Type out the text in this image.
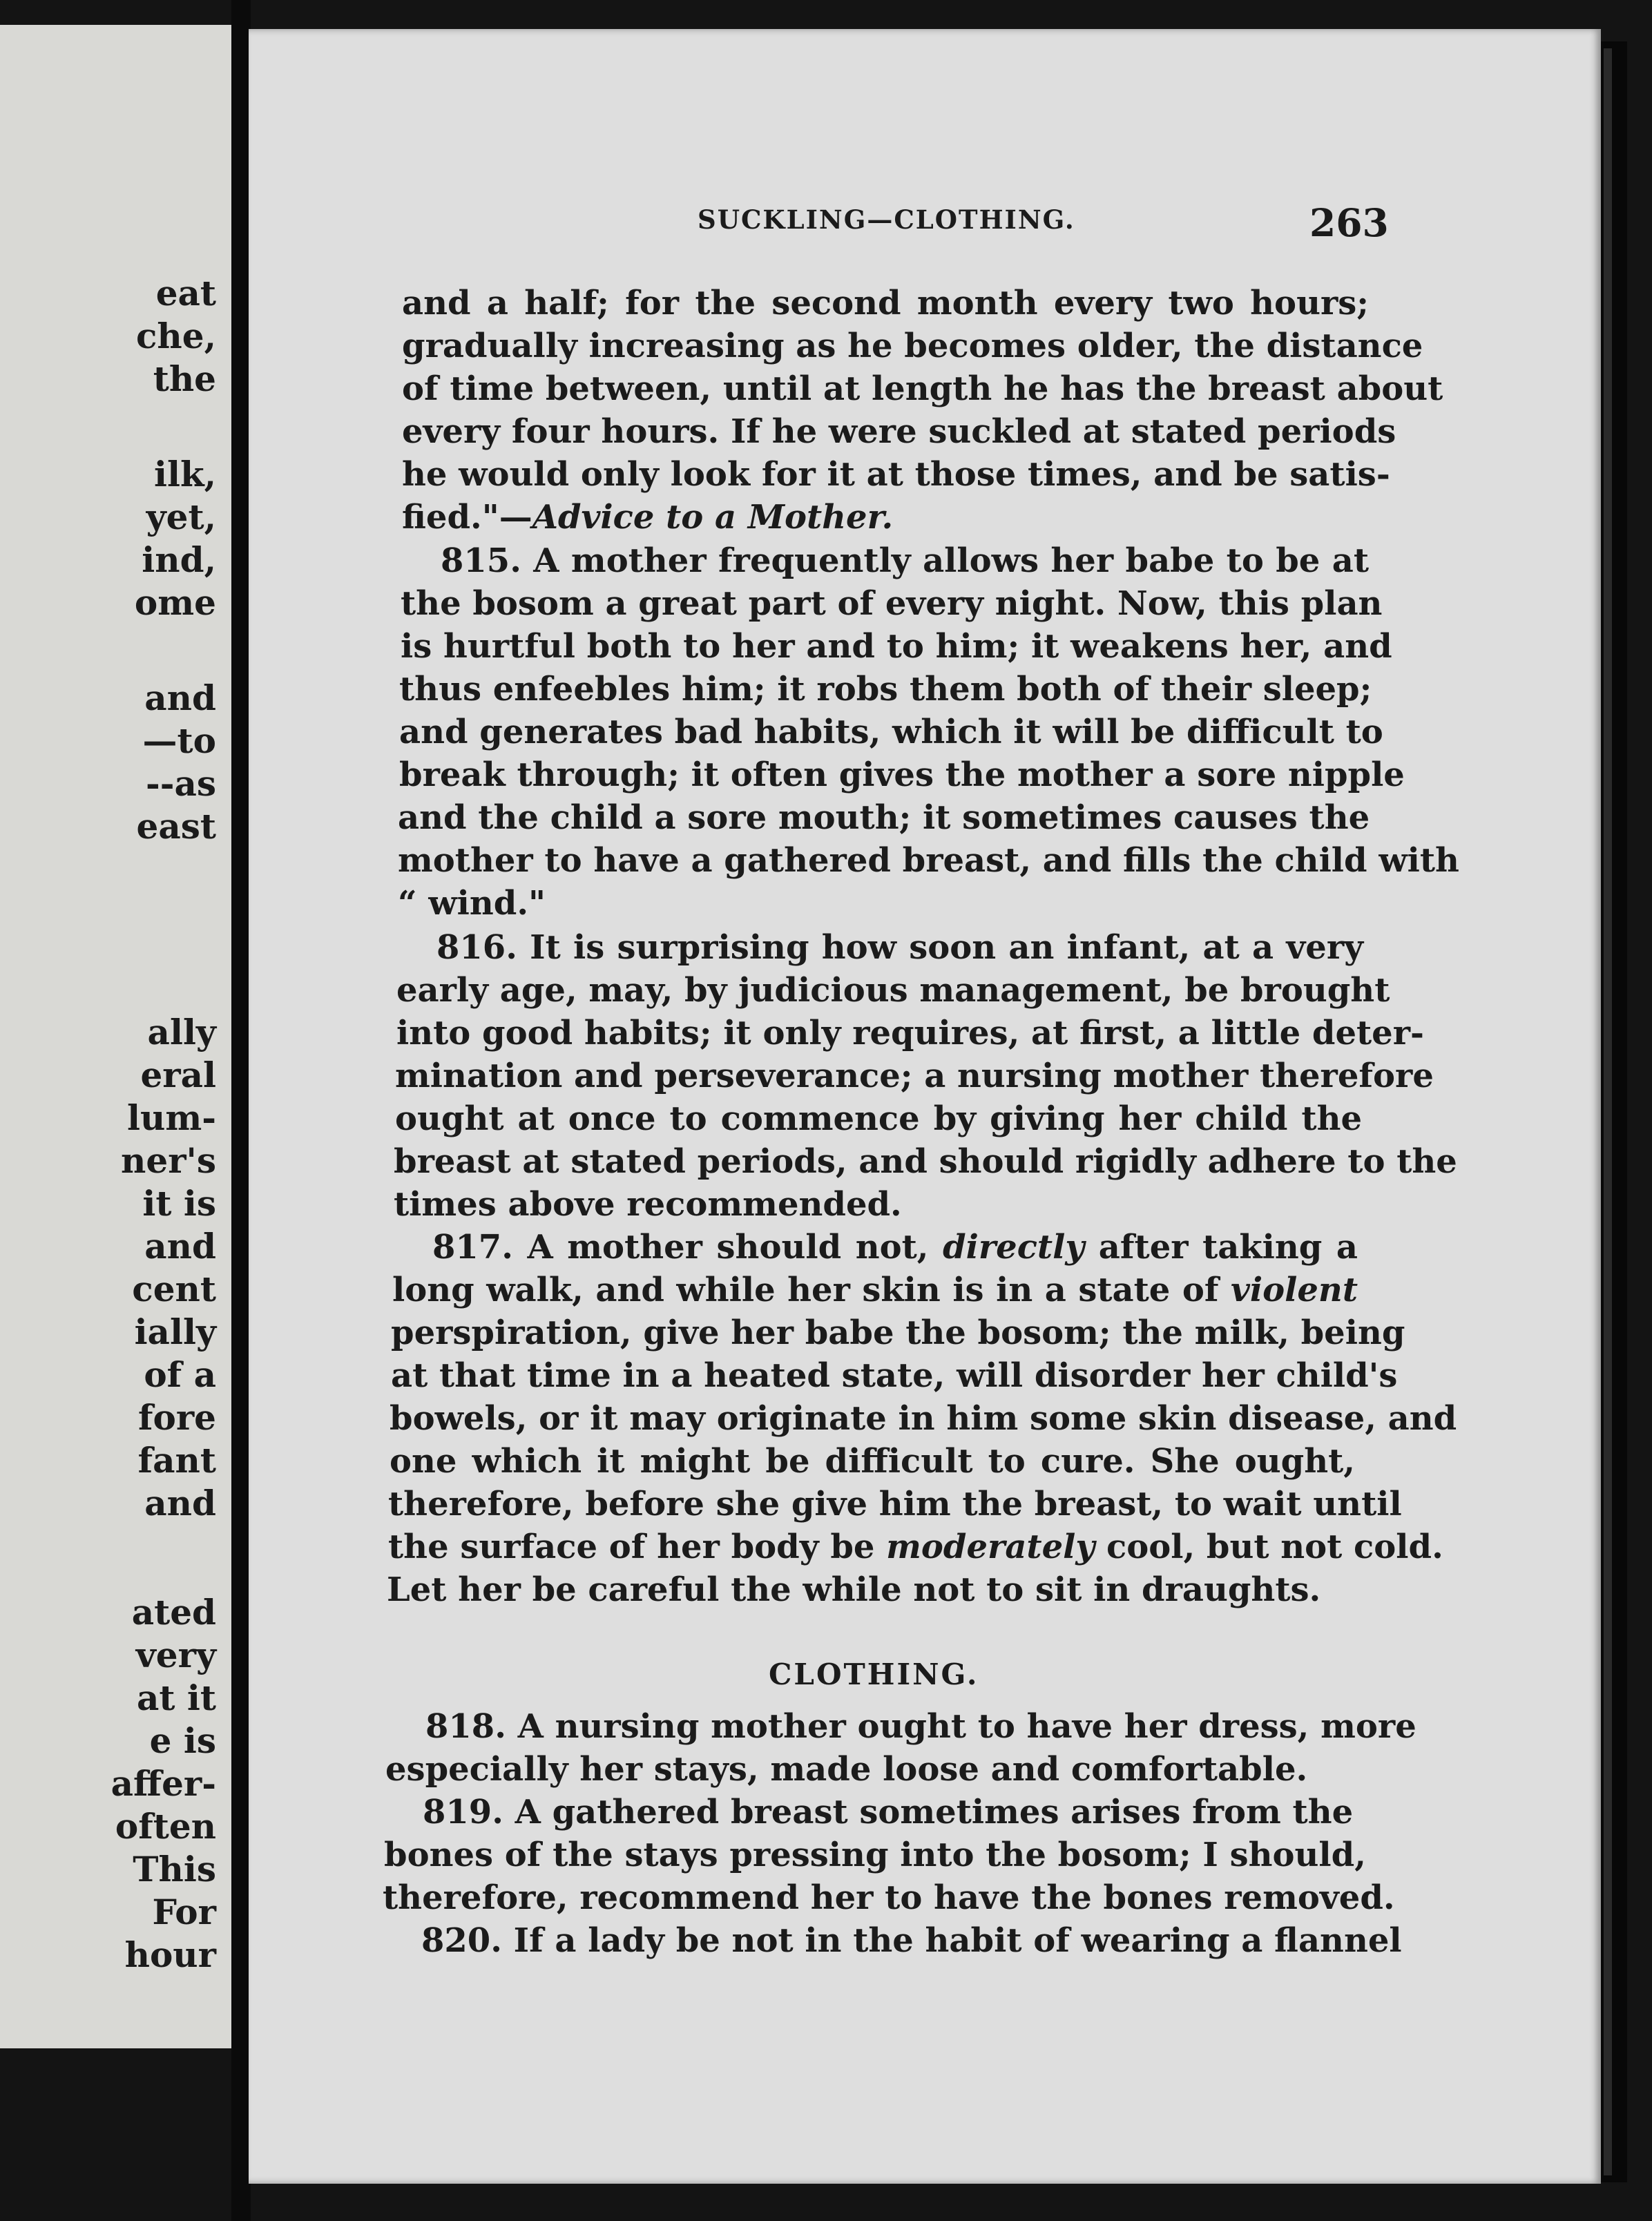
eat
che,
the
ilk,
yet,
ind,
ome
and
—to
--as
east
ally
eral
lum-
ner's
it is
and
cent
ially
of a
fore
fant
and
ated
very
at it
e is
affer-
often
This
For
hour
SUCKLING—CLOTHING.	263
and a half; for the second month every two hours;
gradually increasing as he becomes older, the distance
of time between, until at length he has the breast about
every four hours. If he were suckled at stated periods
he would only look for it at those times, and be satis-
fied."—Advice to a Mother.
815. A mother frequently allows her babe to be at
the bosom a great part of every night. Now, this plan
is hurtful both to her and to him; it weakens her, and
thus enfeebles him; it robs them both of their sleep;
and generates bad habits, which it will be difficult to
break through; it often gives the mother a sore nipple
and the child a sore mouth; it sometimes causes the
mother to have a gathered breast, and fills the child with
“ wind."
816. It is surprising how soon an infant, at a very
early age, may, by judicious management, be brought
into good habits; it only requires, at first, a little deter-
mination and perseverance; a nursing mother therefore
ought at once to commence by giving her child the
breast at stated periods, and should rigidly adhere to the
times above recommended.
817. A mother should not, directly after taking a
long walk, and while her skin is in a state of violent
perspiration, give her babe the bosom; the milk, being
at that time in a heated state, will disorder her child's
bowels, or it may originate in him some skin disease, and
one which it might be difficult to cure. She ought,
therefore, before she give him the breast, to wait until
the surface of her body be moderately cool, but not cold.
Let her be careful the while not to sit in draughts.
CLOTHING.
818. A nursing mother ought to have her dress, more
especially her stays, made loose and comfortable.
819. A gathered breast sometimes arises from the
bones of the stays pressing into the bosom; I should,
therefore, recommend her to have the bones removed.
820. If a lady be not in the habit of wearing a flannel
